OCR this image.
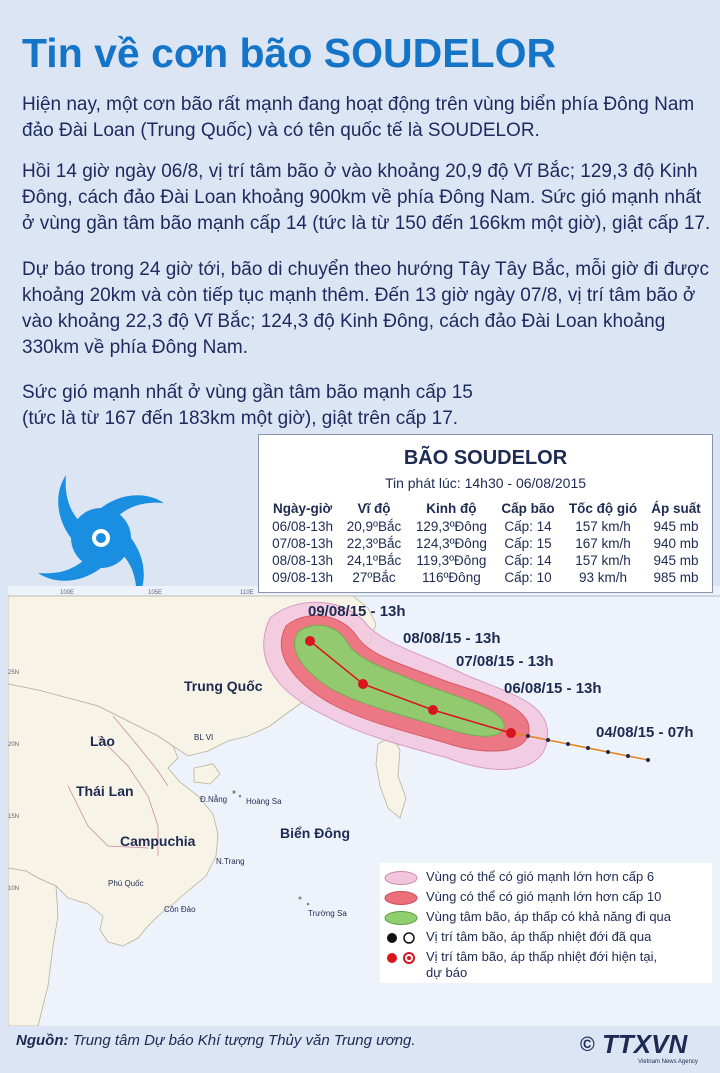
Tin về cơn bão SOUDELOR
Hiện nay, một cơn bão rất mạnh đang hoạt động trên vùng biển phía Đông Nam
đảo Đài Loan (Trung Quốc) và có tên quốc tế là SOUDELOR.
Hồi 14 giờ ngày 06/8, vị trí tâm bão ở vào khoảng 20,9 độ Vĩ Bắc; 129,3 độ Kinh
Đông, cách đảo Đài Loan khoảng 900km về phía Đông Nam. Sức gió mạnh nhất
ở vùng gần tâm bão mạnh cấp 14 (tức là từ 150 đến 166km một giờ), giật cấp 17.
Dự báo trong 24 giờ tới, bão di chuyển theo hướng Tây Tây Bắc, mỗi giờ đi được
khoảng 20km và còn tiếp tục mạnh thêm. Đến 13 giờ ngày 07/8, vị trí tâm bão ở
vào khoảng 22,3 độ Vĩ Bắc; 124,3 độ Kinh Đông, cách đảo Đài Loan khoảng
330km về phía Đông Nam.
Sức gió mạnh nhất ở vùng gần tâm bão mạnh cấp 15
(tức là từ 167 đến 183km một giờ), giật trên cấp 17.
BÃO SOUDELOR
Tin phát lúc: 14h30 - 06/08/2015
Ngày-giờ	Vĩ độ	Kinh độ	Cấp bão	Tốc độ gió	Áp suất
06/08-13h	20,9ºBắc	129,3ºĐông	Cấp: 14	157 km/h	945 mb
07/08-13h	22,3ºBắc	124,3ºĐông	Cấp: 15	167 km/h	940 mb
08/08-13h	24,1ºBắc	119,3ºĐông	Cấp: 14	157 km/h	945 mb
09/08-13h	27ºBắc	116ºĐông	Cấp: 10	93 km/h	985 mb
09/08/15 - 13h
08/08/15 - 13h
07/08/15 - 13h
06/08/15 - 13h
04/08/15 - 07h
Trung Quốc
Lào
Thái Lan
Campuchia	Biển Đông
BL VI
Đ.Nẵng Hoàng Sa
N.Trang
Phú Quốc
Côn Đảo	Trường Sa
100E	105E	110E
25N
20N
15N
10N
Vùng có thể có gió mạnh lớn hơn cấp 6
Vùng có thể có gió mạnh lớn hơn cấp 10
Vùng tâm bão, áp thấp có khả năng đi qua
Vị trí tâm bão, áp thấp nhiệt đới đã qua
Vị trí tâm bão, áp thấp nhiệt đới hiện tại,
dự báo
Nguồn: Trung tâm Dự báo Khí tượng Thủy văn Trung ương.	© TTXVN
Vietnam News Agency
